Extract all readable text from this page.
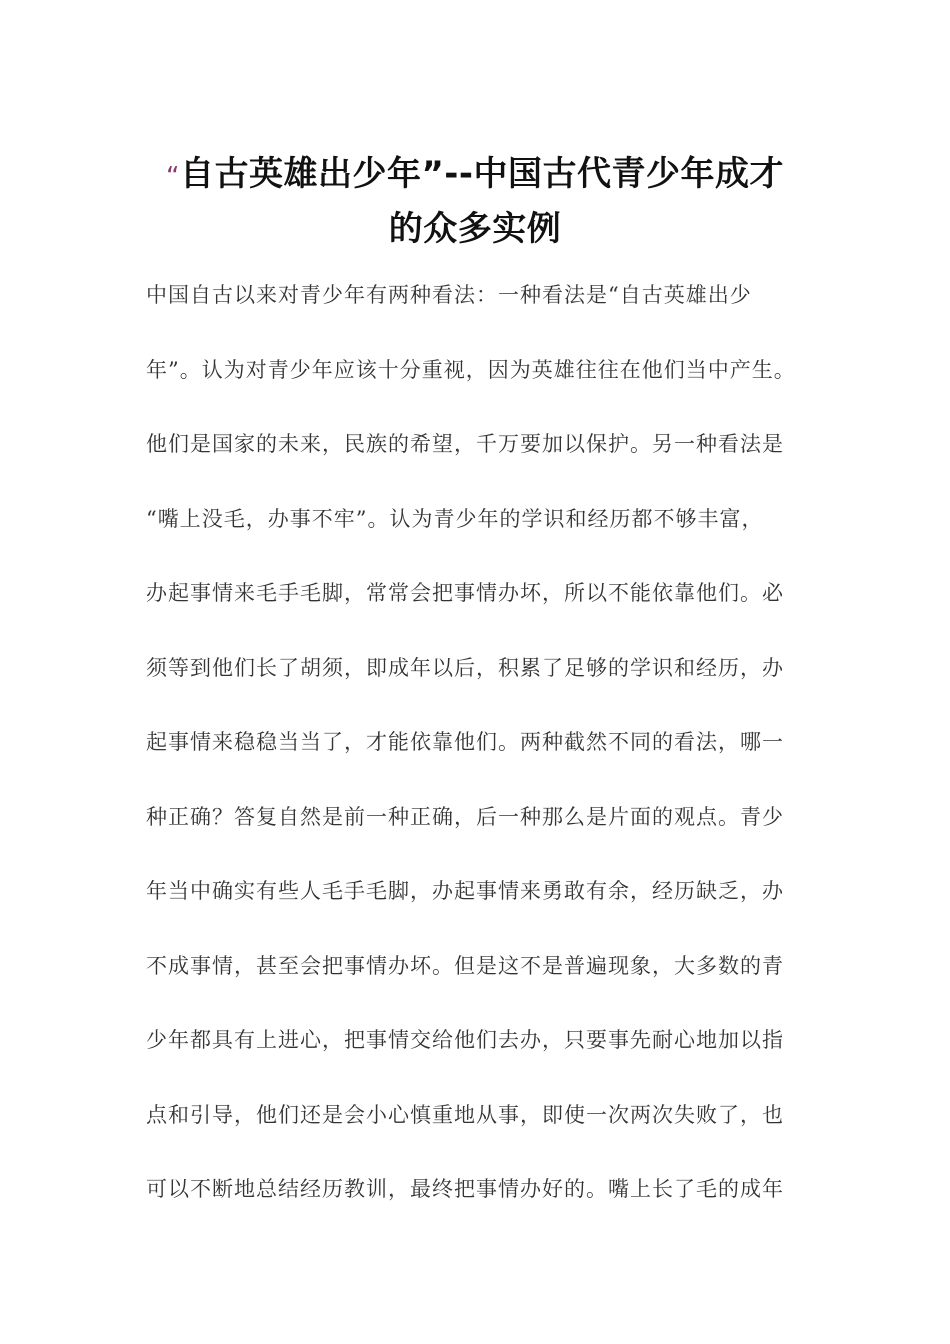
“自古英雄出少年”--中国古代青少年成才
的众多实例
中国自古以来对青少年有两种看法：一种看法是“自古英雄出少
年”。认为对青少年应该十分重视，因为英雄往往在他们当中产生。
他们是国家的未来，民族的希望，千万要加以保护。另一种看法是
“嘴上没毛，办事不牢”。认为青少年的学识和经历都不够丰富，
办起事情来毛手毛脚，常常会把事情办坏，所以不能依靠他们。必
须等到他们长了胡须，即成年以后，积累了足够的学识和经历，办
起事情来稳稳当当了，才能依靠他们。两种截然不同的看法，哪一
种正确？答复自然是前一种正确，后一种那么是片面的观点。青少
年当中确实有些人毛手毛脚，办起事情来勇敢有余，经历缺乏，办
不成事情，甚至会把事情办坏。但是这不是普遍现象，大多数的青
少年都具有上进心，把事情交给他们去办，只要事先耐心地加以指
点和引导，他们还是会小心慎重地从事，即使一次两次失败了，也
可以不断地总结经历教训，最终把事情办好的。嘴上长了毛的成年
